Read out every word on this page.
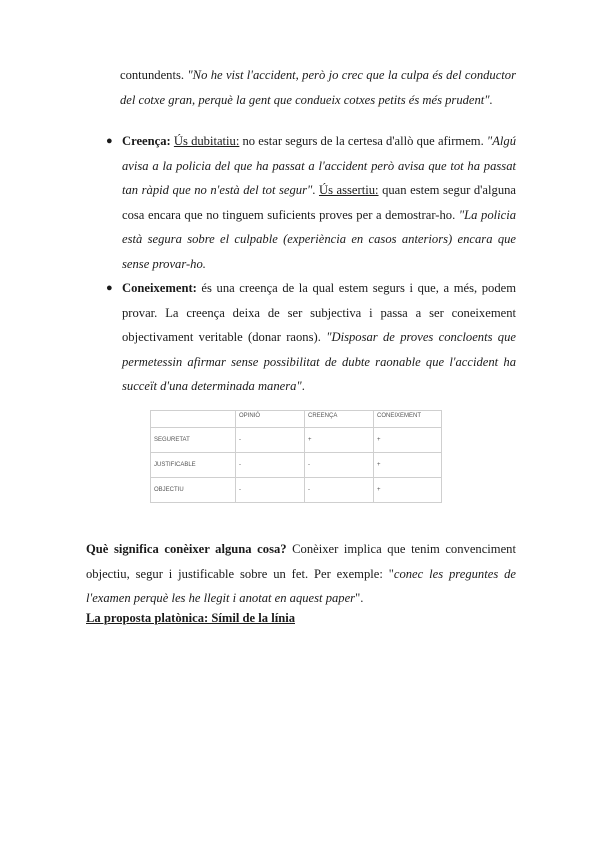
contundents. "No he vist l'accident, però jo crec que la culpa és del conductor del cotxe gran, perquè la gent que condueix cotxes petits és més prudent".

● Creença: Ús dubitatiu: no estar segurs de la certesa d'allò que afirmem. "Algú avisa a la policia del que ha passat a l'accident però avisa que tot ha passat tan ràpid que no n'està del tot segur". Ús assertiu: quan estem segur d'alguna cosa encara que no tinguem suficients proves per a demostrar-ho. "La policia està segura sobre el culpable (experiència en casos anteriors) encara que sense provar-ho.

● Coneixement: és una creença de la qual estem segurs i que, a més, podem provar. La creença deixa de ser subjectiva i passa a ser coneixement objectivament veritable (donar raons). "Disposar de proves concloents que permetessin afirmar sense possibilitat de dubte raonable que l'accident ha succeït d'una determinada manera".

	OPINIÓ	CREENÇA	CONEIXEMENT
SEGURETAT	-	+	+
JUSTIFICABLE	-	-	+
OBJECTIU	-	-	+

Què significa conèixer alguna cosa? Conèixer implica que tenim convenciment objectiu, segur i justificable sobre un fet. Per exemple: "conec les preguntes de l'examen perquè les he llegit i anotat en aquest paper".

La proposta platònica: Símil de la línia
